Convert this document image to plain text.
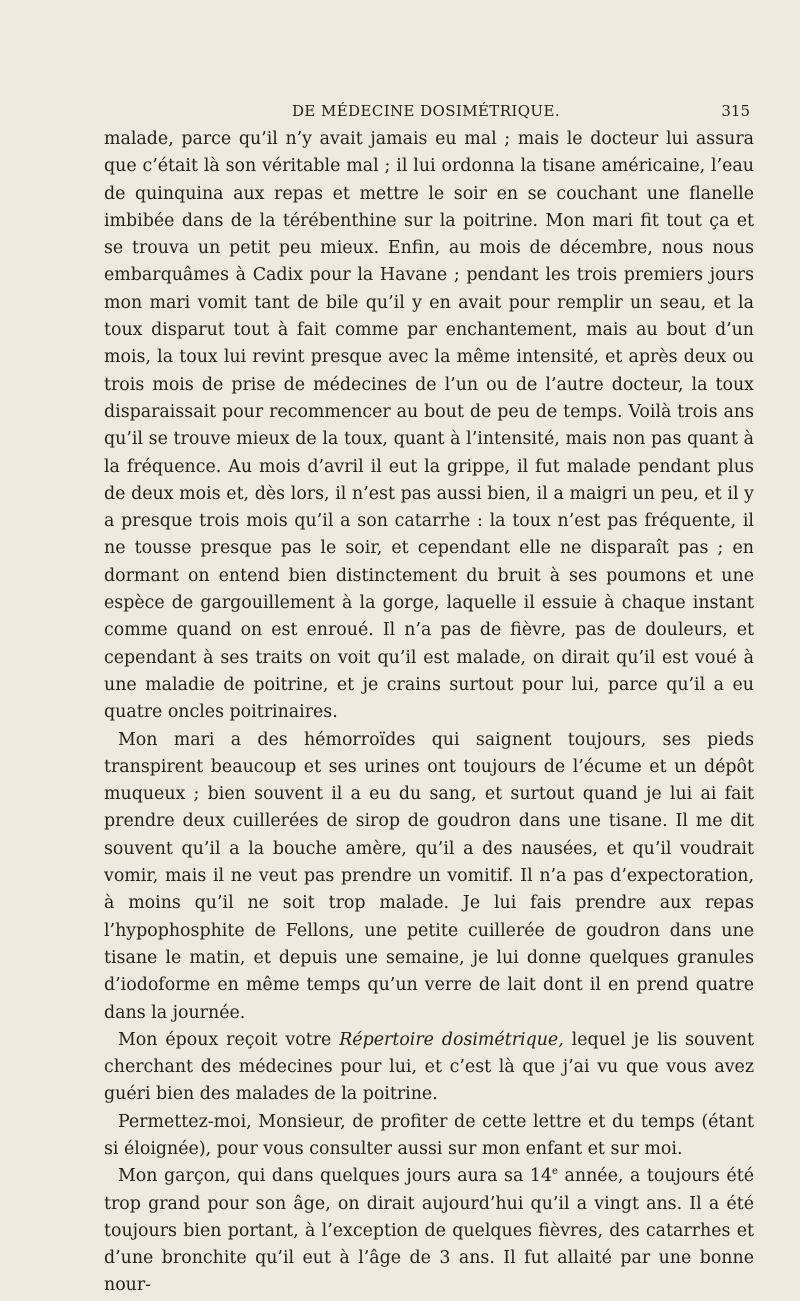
DE MÉDECINE DOSIMÉTRIQUE.	315

malade, parce qu’il n’y avait jamais eu mal ; mais le docteur lui assura que c’était là son véritable mal ; il lui ordonna la tisane américaine, l’eau de quinquina aux repas et mettre le soir en se couchant une flanelle imbibée dans de la térébenthine sur la poitrine. Mon mari fit tout ça et se trouva un petit peu mieux. Enfin, au mois de décembre, nous nous embarquâmes à Cadix pour la Havane ; pendant les trois premiers jours mon mari vomit tant de bile qu’il y en avait pour remplir un seau, et la toux disparut tout à fait comme par enchantement, mais au bout d’un mois, la toux lui revint presque avec la même intensité, et après deux ou trois mois de prise de médecines de l’un ou de l’autre docteur, la toux disparaissait pour recommencer au bout de peu de temps. Voilà trois ans qu’il se trouve mieux de la toux, quant à l’intensité, mais non pas quant à la fréquence. Au mois d’avril il eut la grippe, il fut malade pendant plus de deux mois et, dès lors, il n’est pas aussi bien, il a maigri un peu, et il y a presque trois mois qu’il a son catarrhe : la toux n’est pas fréquente, il ne tousse presque pas le soir, et cependant elle ne disparaît pas ; en dormant on entend bien distinctement du bruit à ses poumons et une espèce de gargouillement à la gorge, laquelle il essuie à chaque instant comme quand on est enroué. Il n’a pas de fièvre, pas de douleurs, et cependant à ses traits on voit qu’il est malade, on dirait qu’il est voué à une maladie de poitrine, et je crains surtout pour lui, parce qu’il a eu quatre oncles poitrinaires.

Mon mari a des hémorroïdes qui saignent toujours, ses pieds transpirent beaucoup et ses urines ont toujours de l’écume et un dépôt muqueux ; bien souvent il a eu du sang, et surtout quand je lui ai fait prendre deux cuillerées de sirop de goudron dans une tisane. Il me dit souvent qu’il a la bouche amère, qu’il a des nausées, et qu’il voudrait vomir, mais il ne veut pas prendre un vomitif. Il n’a pas d’expectoration, à moins qu’il ne soit trop malade. Je lui fais prendre aux repas l’hypophosphite de Fellons, une petite cuillerée de goudron dans une tisane le matin, et depuis une semaine, je lui donne quelques granules d’iodoforme en même temps qu’un verre de lait dont il en prend quatre dans la journée.

Mon époux reçoit votre Répertoire dosimétrique, lequel je lis souvent cherchant des médecines pour lui, et c’est là que j’ai vu que vous avez guéri bien des malades de la poitrine.

Permettez-moi, Monsieur, de profiter de cette lettre et du temps (étant si éloignée), pour vous consulter aussi sur mon enfant et sur moi.

Mon garçon, qui dans quelques jours aura sa 14e année, a toujours été trop grand pour son âge, on dirait aujourd’hui qu’il a vingt ans. Il a été toujours bien portant, à l’exception de quelques fièvres, des catarrhes et d’une bronchite qu’il eut à l’âge de 3 ans. Il fut allaité par une bonne nour-
